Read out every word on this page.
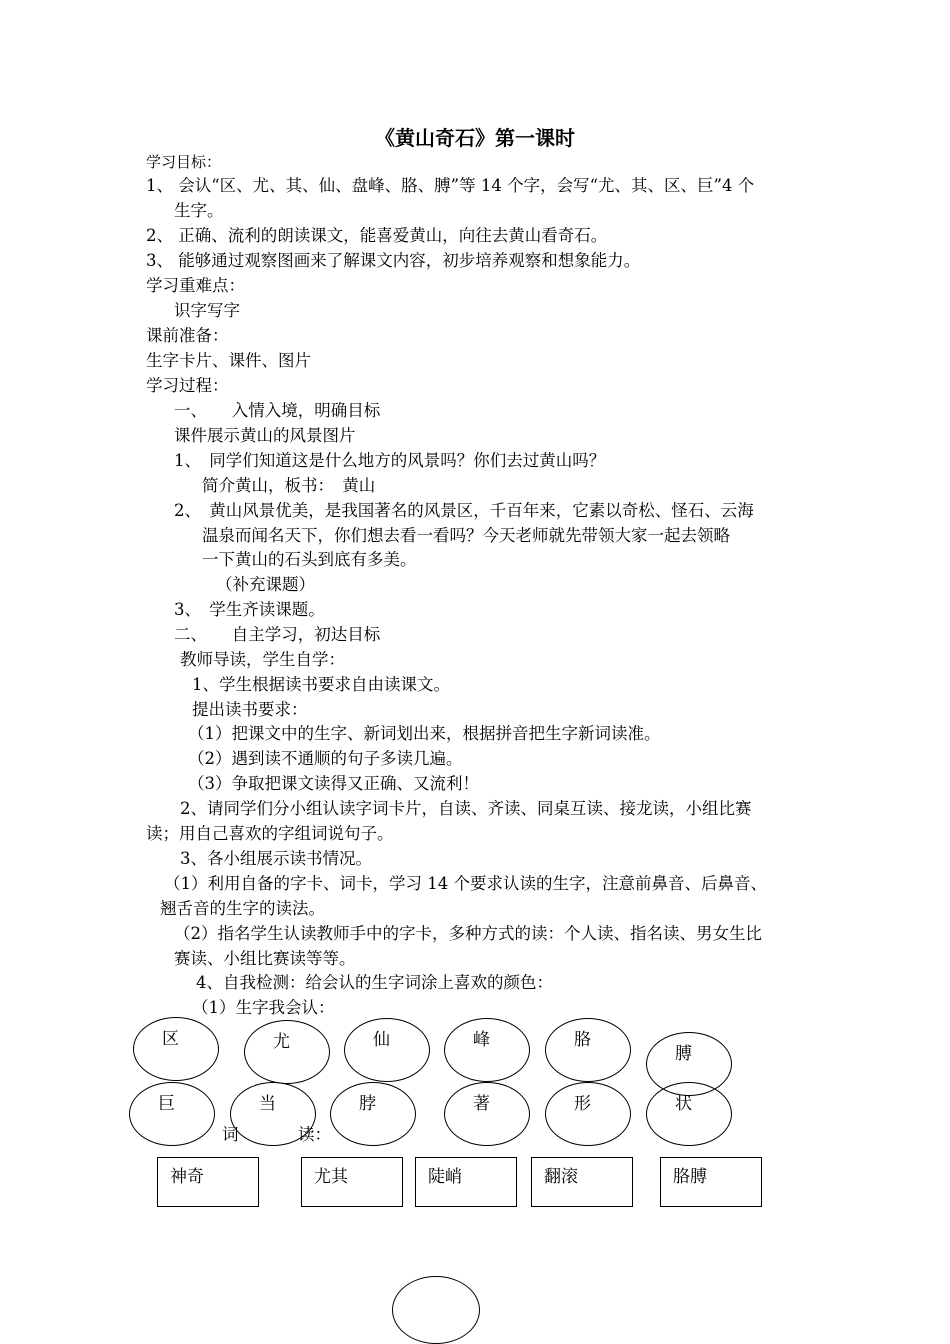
《黄山奇石》第一课时
学习目标：
1、 会认“区、尤、其、仙、盘峰、胳、膊”等 14 个字，会写“尤、其、区、巨”4 个
生字。
2、 正确、流利的朗读课文，能喜爱黄山，向往去黄山看奇石。
3、 能够通过观察图画来了解课文内容，初步培养观察和想象能力。
学习重难点：
识字写字
课前准备：
生字卡片、课件、图片
学习过程：
一、　　入情入境，明确目标
课件展示黄山的风景图片
1、　同学们知道这是什么地方的风景吗？你们去过黄山吗？
简介黄山，板书：　黄山
2、　黄山风景优美，是我国著名的风景区，千百年来，它素以奇松、怪石、云海
温泉而闻名天下，你们想去看一看吗？今天老师就先带领大家一起去领略
一下黄山的石头到底有多美。
（补充课题）
3、　学生齐读课题。
二、　　自主学习，初达目标
教师导读，学生自学：
1、学生根据读书要求自由读课文。
提出读书要求：
（1）把课文中的生字、新词划出来，根据拼音把生字新词读准。
（2）遇到读不通顺的句子多读几遍。
（3）争取把课文读得又正确、又流利！
2、请同学们分小组认读字词卡片，自读、齐读、同桌互读、接龙读，小组比赛
读；用自己喜欢的字组词说句子。
3、各小组展示读书情况。
（1）利用自备的字卡、词卡，学习 14 个要求认读的生字，注意前鼻音、后鼻音、
翘舌音的生字的读法。
（2）指名学生认读教师手中的字卡，多种方式的读：个人读、指名读、男女生比
赛读、小组比赛读等等。
4、自我检测：给会认的生字词涂上喜欢的颜色：
（1）生字我会认：
词	读：
区	尤	仙	峰	胳
膊
巨	当	脖	著	形	状
神奇	尤其	陡峭	翻滚	胳膊
